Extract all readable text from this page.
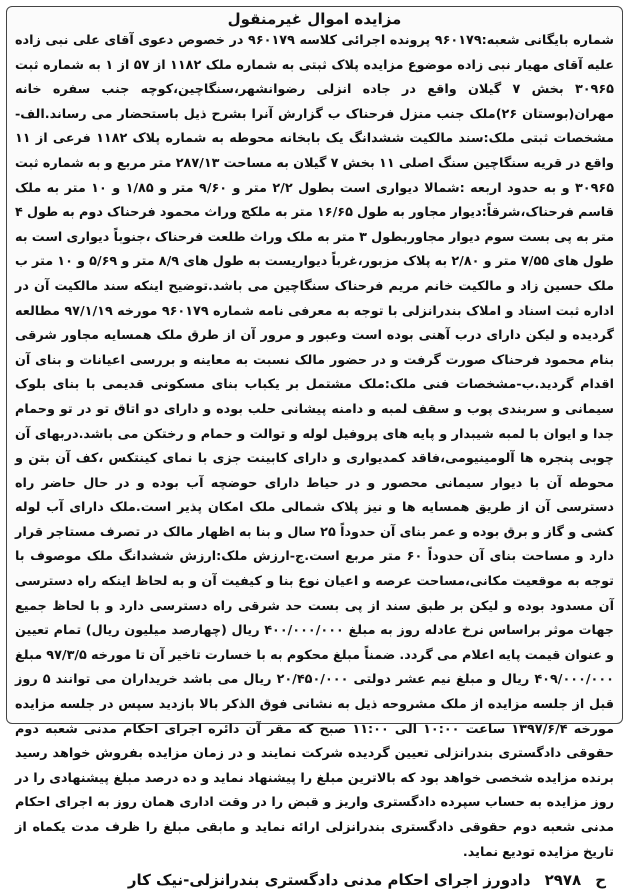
مزایده اموال غیرمنقول

شماره بایگانی شعبه:۹۶۰۱۷۹ پرونده اجرائی کلاسه ۹۶۰۱۷۹ در خصوص دعوی آقای علی نبی زاده علیه آقای مهیار نبی زاده موضوع مزایده پلاک ثبتی به شماره ملک ۱۱۸۲ از ۵۷ از ۱ به شماره ثبت ۳۰۹۶۵ بخش ۷ گیلان واقع در جاده انزلی رضوانشهر،سنگاچین،کوچه جنب سفره خانه مهران(بوستان ۲۶)ملک جنب منزل فرحناک ب گزارش آنرا بشرح ذیل باستحضار می رساند.الف-مشخصات ثبتی ملک:سند مالکیت ششدانگ یک بابخانه محوطه به شماره پلاک ۱۱۸۲ فرعی از ۱۱ واقع در قریه سنگاچین سنگ اصلی ۱۱ بخش ۷ گیلان به مساحت ۲۸۷/۱۳ متر مربع و به شماره ثبت ۳۰۹۶۵ و به حدود اربعه :شمالا دیواری است بطول ۲/۲ متر و ۹/۶۰ متر و ۱/۸۵ و ۱۰ متر به ملک قاسم فرحناک،شرقاً:دیوار مجاور به طول ۱۶/۶۵ متر به ملکج وراث محمود فرحناک دوم به طول ۴ متر به پی بست سوم دیوار مجاوربطول ۳ متر به ملک وراث طلعت فرحناک ،جنوباً دیواری است به طول های ۷/۵۵ متر و ۲/۸۰ به پلاک مزبور،غرباً دیواریست به طول های ۸/۹ متر و ۵/۶۹ و ۱۰ متر ب ملک حسین زاد و مالکیت خانم مریم فرحناک سنگاچین می باشد.توضیح اینکه سند مالکیت آن در اداره ثبت اسناد و املاک بندرانزلی با توجه به معرفی نامه شماره ۹۶۰۱۷۹ مورخه ۹۷/۱/۱۹ مطالعه گردیده و لیکن دارای درب آهنی بوده است وعبور و مرور آن از طرق ملک همسایه مجاور شرقی بنام محمود فرحناک صورت گرفت و در حضور مالک نسبت به معاینه و بررسی اعیانات و بنای آن اقدام گردید.ب-مشخصات فنی ملک:ملک مشتمل بر یکباب بنای مسکونی قدیمی با بنای بلوک سیمانی و سربندی پوب و سقف لمبه و دامنه پیشانی حلب بوده و دارای دو اتاق تو در تو وحمام جدا و ایوان با لمبه شیبدار و پایه های پروفیل لوله و توالت و حمام و رختکن می باشد.دربهای آن چوبی پنجره ها آلومینیومی،فاقد کمدیواری و دارای کابینت جزی با نمای کینتکس ،کف آن بتن و محوطه آن با دیوار سیمانی محصور و در حیاط دارای حوضچه آب بوده و در حال حاضر راه دسترسی آن از طریق همسایه ها و نیز پلاک شمالی ملک امکان پذیر است.ملک دارای آب لوله کشی و گاز و برق بوده و عمر بنای آن حدوداً ۲۵ سال و بنا به اظهار مالک در تصرف مستاجر قرار دارد و مساحت بنای آن حدوداً ۶۰ متر مربع است.ج-ارزش ملک:ارزش ششدانگ ملک موصوف با توجه به موقعیت مکانی،مساحت عرصه و اعیان نوع بنا و کیفیت آن و به لحاظ اینکه راه دسترسی آن مسدود بوده و لیکن بر طبق سند از پی بست حد شرقی راه دسترسی دارد و با لحاظ جمیع جهات موثر براساس نرخ عادله روز به مبلغ ۴۰۰/۰۰۰/۰۰۰ ریال (چهارصد میلیون ریال) تمام تعیین و عنوان قیمت پایه اعلام می گردد. ضمناً مبلغ محکوم به با خسارت تاخیر آن تا مورخه ۹۷/۳/۵ مبلغ ۴۰۹/۰۰۰/۰۰۰ ریال و مبلغ نیم عشر دولتی ۲۰/۴۵۰/۰۰۰ ریال می باشد خریداران می توانند ۵ روز قبل از جلسه مزایده از ملک مشروحه ذیل به نشانی فوق الذکر بالا بازدید سپس در جلسه مزایده مورخه ۱۳۹۷/۶/۴ ساعت ۱۰:۰۰ الی ۱۱:۰۰ صبح که مقر آن دائره اجرای احکام مدنی شعبه دوم حقوقی دادگستری بندرانزلی تعیین گردیده شرکت نمایند و در زمان مزایده بفروش خواهد رسید برنده مزایده شخصی خواهد بود که بالاترین مبلغ را پیشنهاد نماید و ده درصد مبلغ پیشنهادی را در روز مزایده به حساب سپرده دادگستری واریز و قبض را در وقت اداری همان روز به اجرای احکام مدنی شعبه دوم حقوقی دادگستری بندرانزلی ارائه نماید و مابقی مبلغ را ظرف مدت یکماه از تاریخ مزایده تودیع نماید.

ح
۲۹۷۸
دادورز اجرای احکام مدنی دادگستری بندرانزلی-نیک کار
